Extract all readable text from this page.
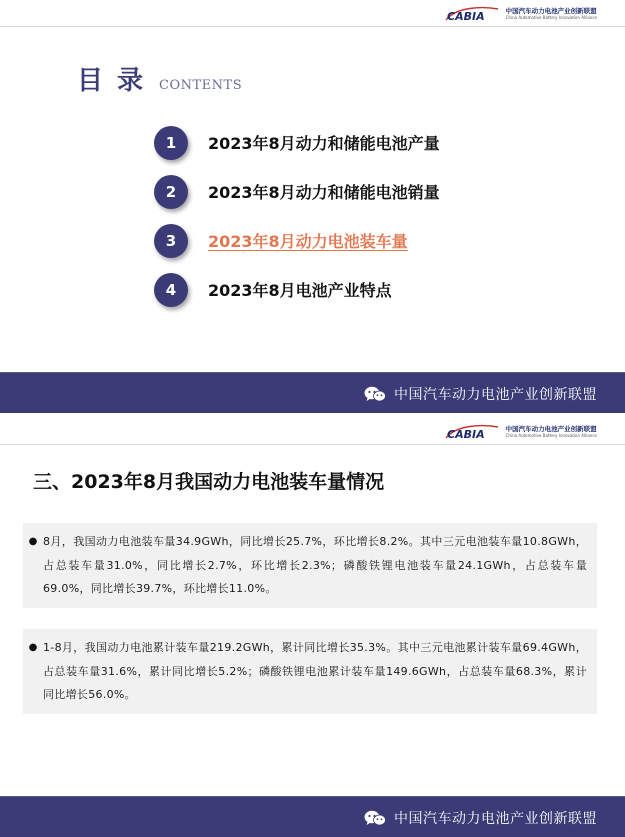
CABIA	中国汽车动力电池产业创新联盟
China Automotive Battery Innovation Alliance
目录 CONTENTS
1	2023年8月动力和储能电池产量
2	2023年8月动力和储能电池销量
3	2023年8月动力电池装车量
4	2023年8月电池产业特点
中国汽车动力电池产业创新联盟
CABIA	中国汽车动力电池产业创新联盟
China Automotive Battery Innovation Alliance
三、2023年8月我国动力电池装车量情况
● 8月，我国动力电池装车量34.9GWh，同比增长25.7%，环比增长8.2%。其中三元电池装车量10.8GWh，占总装车量31.0%，同比增长2.7%，环比增长2.3%；磷酸铁锂电池装车量24.1GWh，占总装车量69.0%，同比增长39.7%，环比增长11.0%。

● 1-8月，我国动力电池累计装车量219.2GWh，累计同比增长35.3%。其中三元电池累计装车量69.4GWh，占总装车量31.6%，累计同比增长5.2%；磷酸铁锂电池累计装车量149.6GWh，占总装车量68.3%，累计同比增长56.0%。

中国汽车动力电池产业创新联盟
